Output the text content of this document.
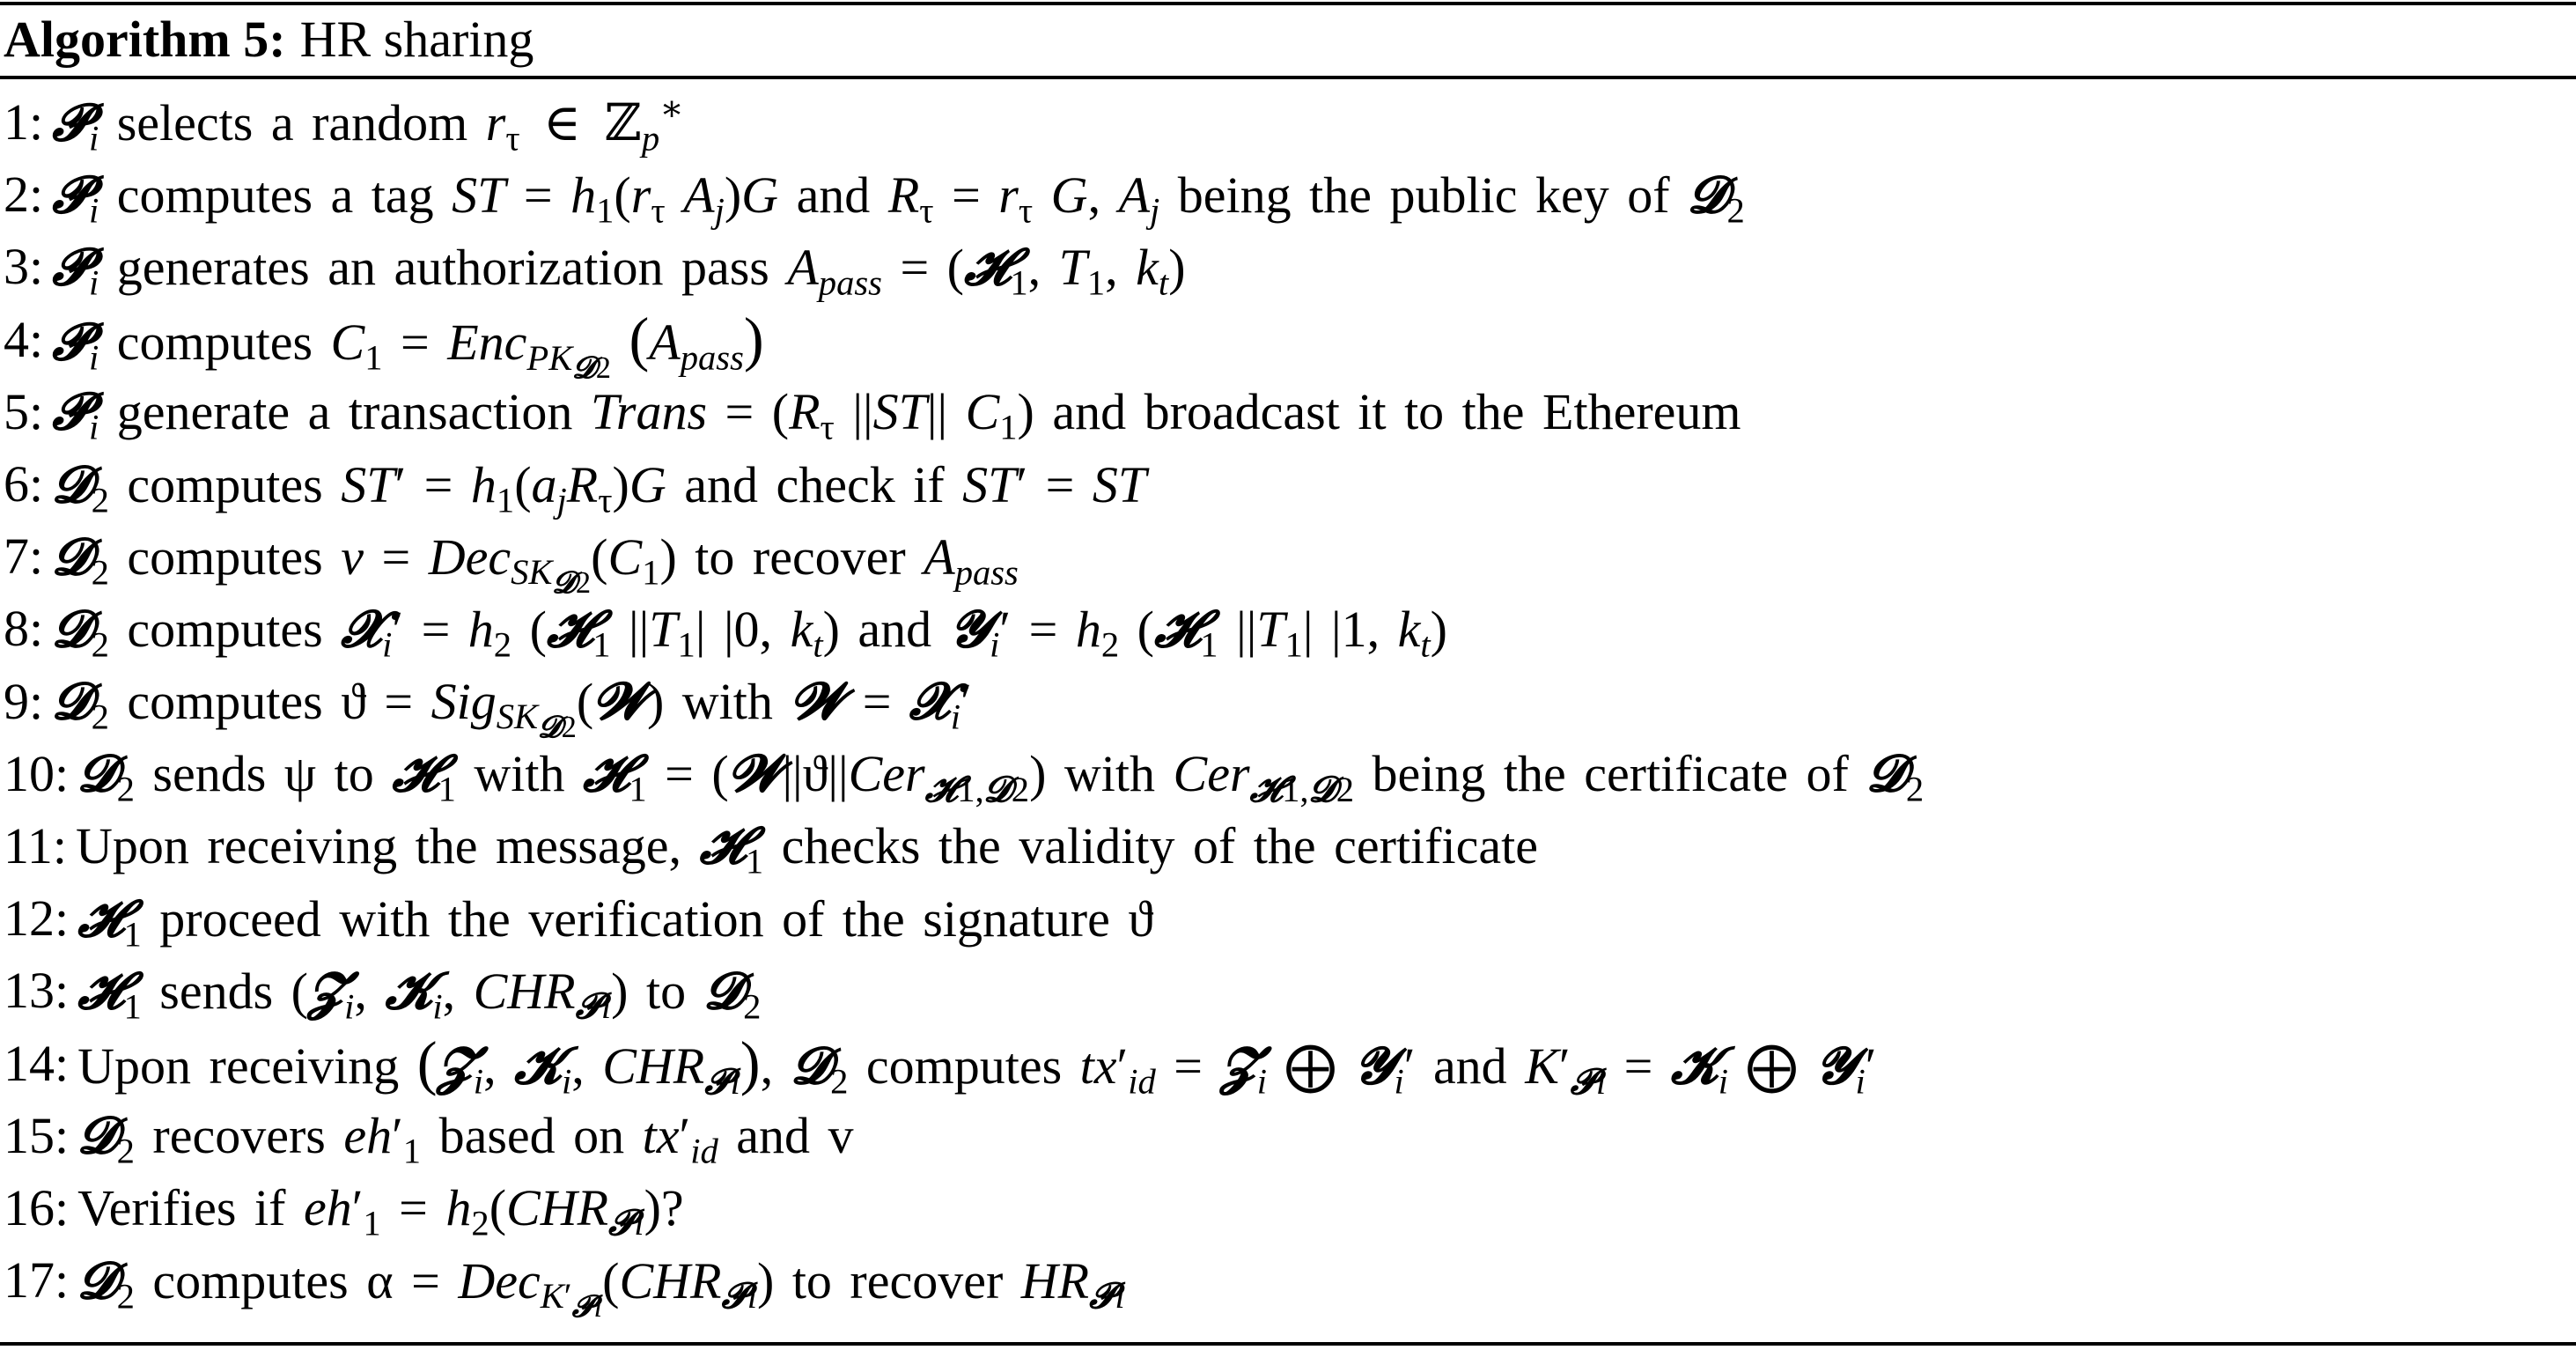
Algorithm 5: HR sharing
1: 𝓟$_i$ selects a random $r_\tau$ ∈ ℤ$_p$∗
2: 𝓟$_i$ computes a tag ST = $h_1(r_\tau$ $A_j)G$ and $R_\tau = r_\tau$ G, $A_j$ being the public key of 𝓓$_2$
3: 𝓟$_i$ generates an authorization pass $A_{pass}$ = (𝓗$_1$, $T_1$, $k_t$)
4: 𝓟$_i$ computes $C_1 = Enc_{PK_{𝓓2}}$ $(A_{pass})$
5: 𝓟$_i$ generate a transaction Trans = ($R_\tau$ ||ST|| $C_1$) and broadcast it to the Ethereum
6: 𝓓$_2$ computes $ST' = h_1(a_jR_\tau)G$ and check if ST′ = ST
7: 𝓓$_2$ computes $v = Dec_{SK_{𝓓2}}(C_1)$ to recover $A_{pass}$
8: 𝓓$_2$ computes 𝓧$_i$′ = $h_2$ (𝓗$_1$ $||T_1|$ |0, $k_t$) and 𝓨$_i$′ = $h_2$ (𝓗$_1$ $||T_1|$ |1, $k_t$)
9: 𝓓$_2$ computes ϑ = Sig$_{SK_{𝓓2}}$(𝓦) with 𝓦 = 𝓧$_i$′
10: 𝓓$_2$ sends ψ to 𝓗$_1$ with 𝓗$_1$ = (𝓦||ϑ||Cer$_{𝓗1,𝓓2}$) with Cer$_{𝓗1,𝓓2}$ being the certificate of 𝓓$_2$
11: Upon receiving the message, 𝓗$_1$ checks the validity of the certificate
12: 𝓗$_1$ proceed with the verification of the signature ϑ
13: 𝓗$_1$ sends (𝓩$_i$, 𝓚$_i$, $CHR_{𝓟i}$) to 𝓓$_2$
14: Upon receiving (𝓩$_i$, 𝓚$_i$, $CHR_{𝓟i}$), 𝓓$_2$ computes $tx'_{id}$ = 𝓩$_i$ ⨁ 𝓨$_i$′ and $K'_{𝓟i}$ = 𝓚$_i$ ⨁ 𝓨$_i$′
15: 𝓓$_2$ recovers $eh'_1$ based on $tx'_{id}$ and v
16: Verifies if $eh'_1 = h_2(CHR_{𝓟i})$?
17: 𝓓$_2$ computes $\alpha = Dec_{K'_{𝓟i}}(CHR_{𝓟i})$ to recover $HR_{𝓟i}$
